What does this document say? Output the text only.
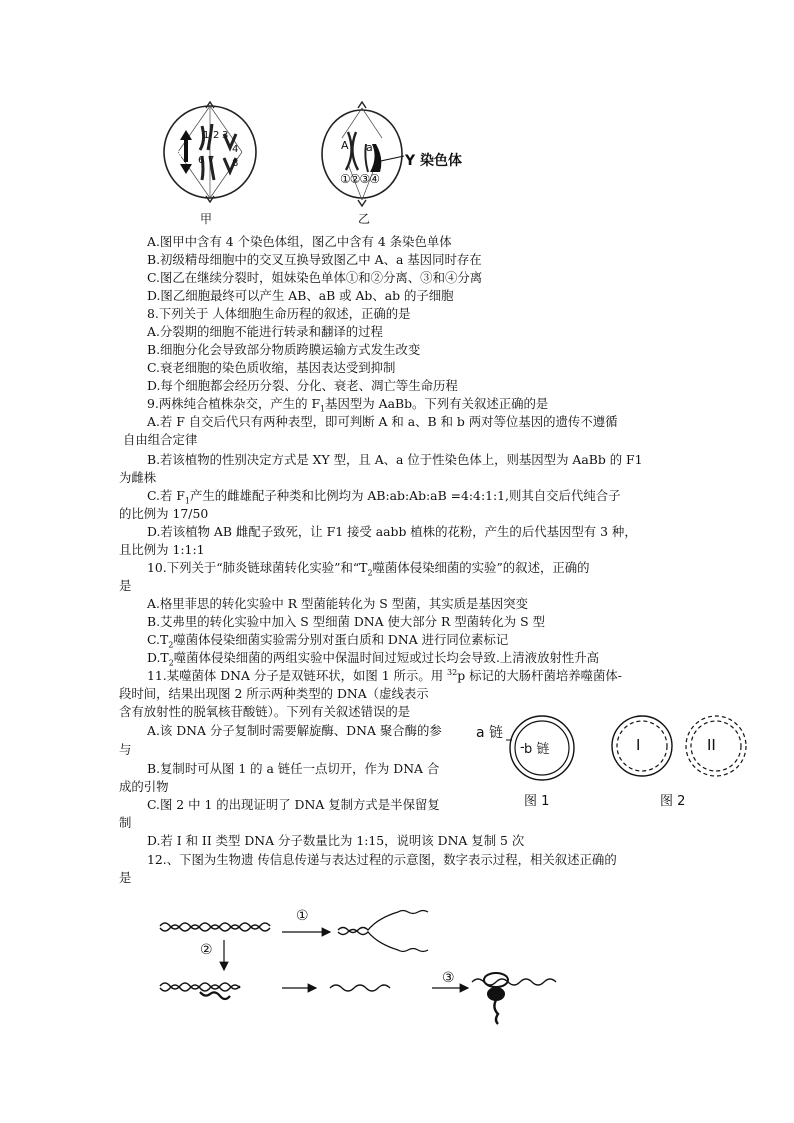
5
1 2 3
4
6 7 8
甲
A a
①②③④
Y 染色体
乙
A.图甲中含有 4 个染色体组，图乙中含有 4 条染色单体
B.初级精母细胞中的交叉互换导致图乙中 A、a 基因同时存在
C.图乙在继续分裂时，姐妹染色单体①和②分离、③和④分离
D.图乙细胞最终可以产生 AB、aB 或 Ab、ab 的子细胞
8.下列关于 人体细胞生命历程的叙述，正确的是
A.分裂期的细胞不能进行转录和翻译的过程
B.细胞分化会导致部分物质跨膜运输方式发生改变
C.衰老细胞的染色质收缩，基因表达受到抑制
D.每个细胞都会经历分裂、分化、衰老、凋亡等生命历程
9.两株纯合植株杂交，产生的 $F_1$基因型为 AaBb。下列有关叙述正确的是
A.若 F 自交后代只有两种表型，即可判断 A 和 a、B 和 b 两对等位基因的遗传不遵循
自由组合定律
B.若该植物的性别决定方式是 XY 型，且 A、a 位于性染色体上，则基因型为 AaBb 的 F1
为雌株
C.若 $F_1$产生的雌雄配子种类和比例均为 AB:ab:Ab:aB =4:4:1:1,则其自交后代纯合子
的比例为 17/50
D.若该植物 AB 雌配子致死，让 F1 接受 aabb 植株的花粉，产生的后代基因型有 3 种，
且比例为 1:1:1
10.下列关于“肺炎链球菌转化实验”和“$T_2$噬菌体侵染细菌的实验”的叙述，正确的
是
A.格里菲思的转化实验中 R 型菌能转化为 S 型菌，其实质是基因突变
B.艾弗里的转化实验中加入 S 型细菌 DNA 使大部分 R 型菌转化为 S 型
$C.T_2$噬菌体侵染细菌实验需分别对蛋白质和 DNA 进行同位素标记
$D.T_2$噬菌体侵染细菌的两组实验中保温时间过短或过长均会导致.上清液放射性升高
11.某噬菌体 DNA 分子是双链环状，如图 1 所示。用 $^{32}$p 标记的大肠杆菌培养噬菌体-
段时间，结果出现图 2 所示两种类型的 DNA（虚线表示
含有放射性的脱氧核苷酸链）。下列有关叙述错误的是
A.该 DNA 分子复制时需要解旋酶、DNA 聚合酶的参
与
B.复制时可从图 1 的 a 链任一点切开，作为 DNA 合
成的引物
C.图 2 中 1 的出现证明了 DNA 复制方式是半保留复
制
D.若 I 和 II 类型 DNA 分子数量比为 1:15，说明该 DNA 复制 5 次
a 链
b 链
-
图 1
I	II
图 2
12.、下图为生物遗 传信息传递与表达过程的示意图，数字表示过程，相关叙述正确的
是
①
②
③
